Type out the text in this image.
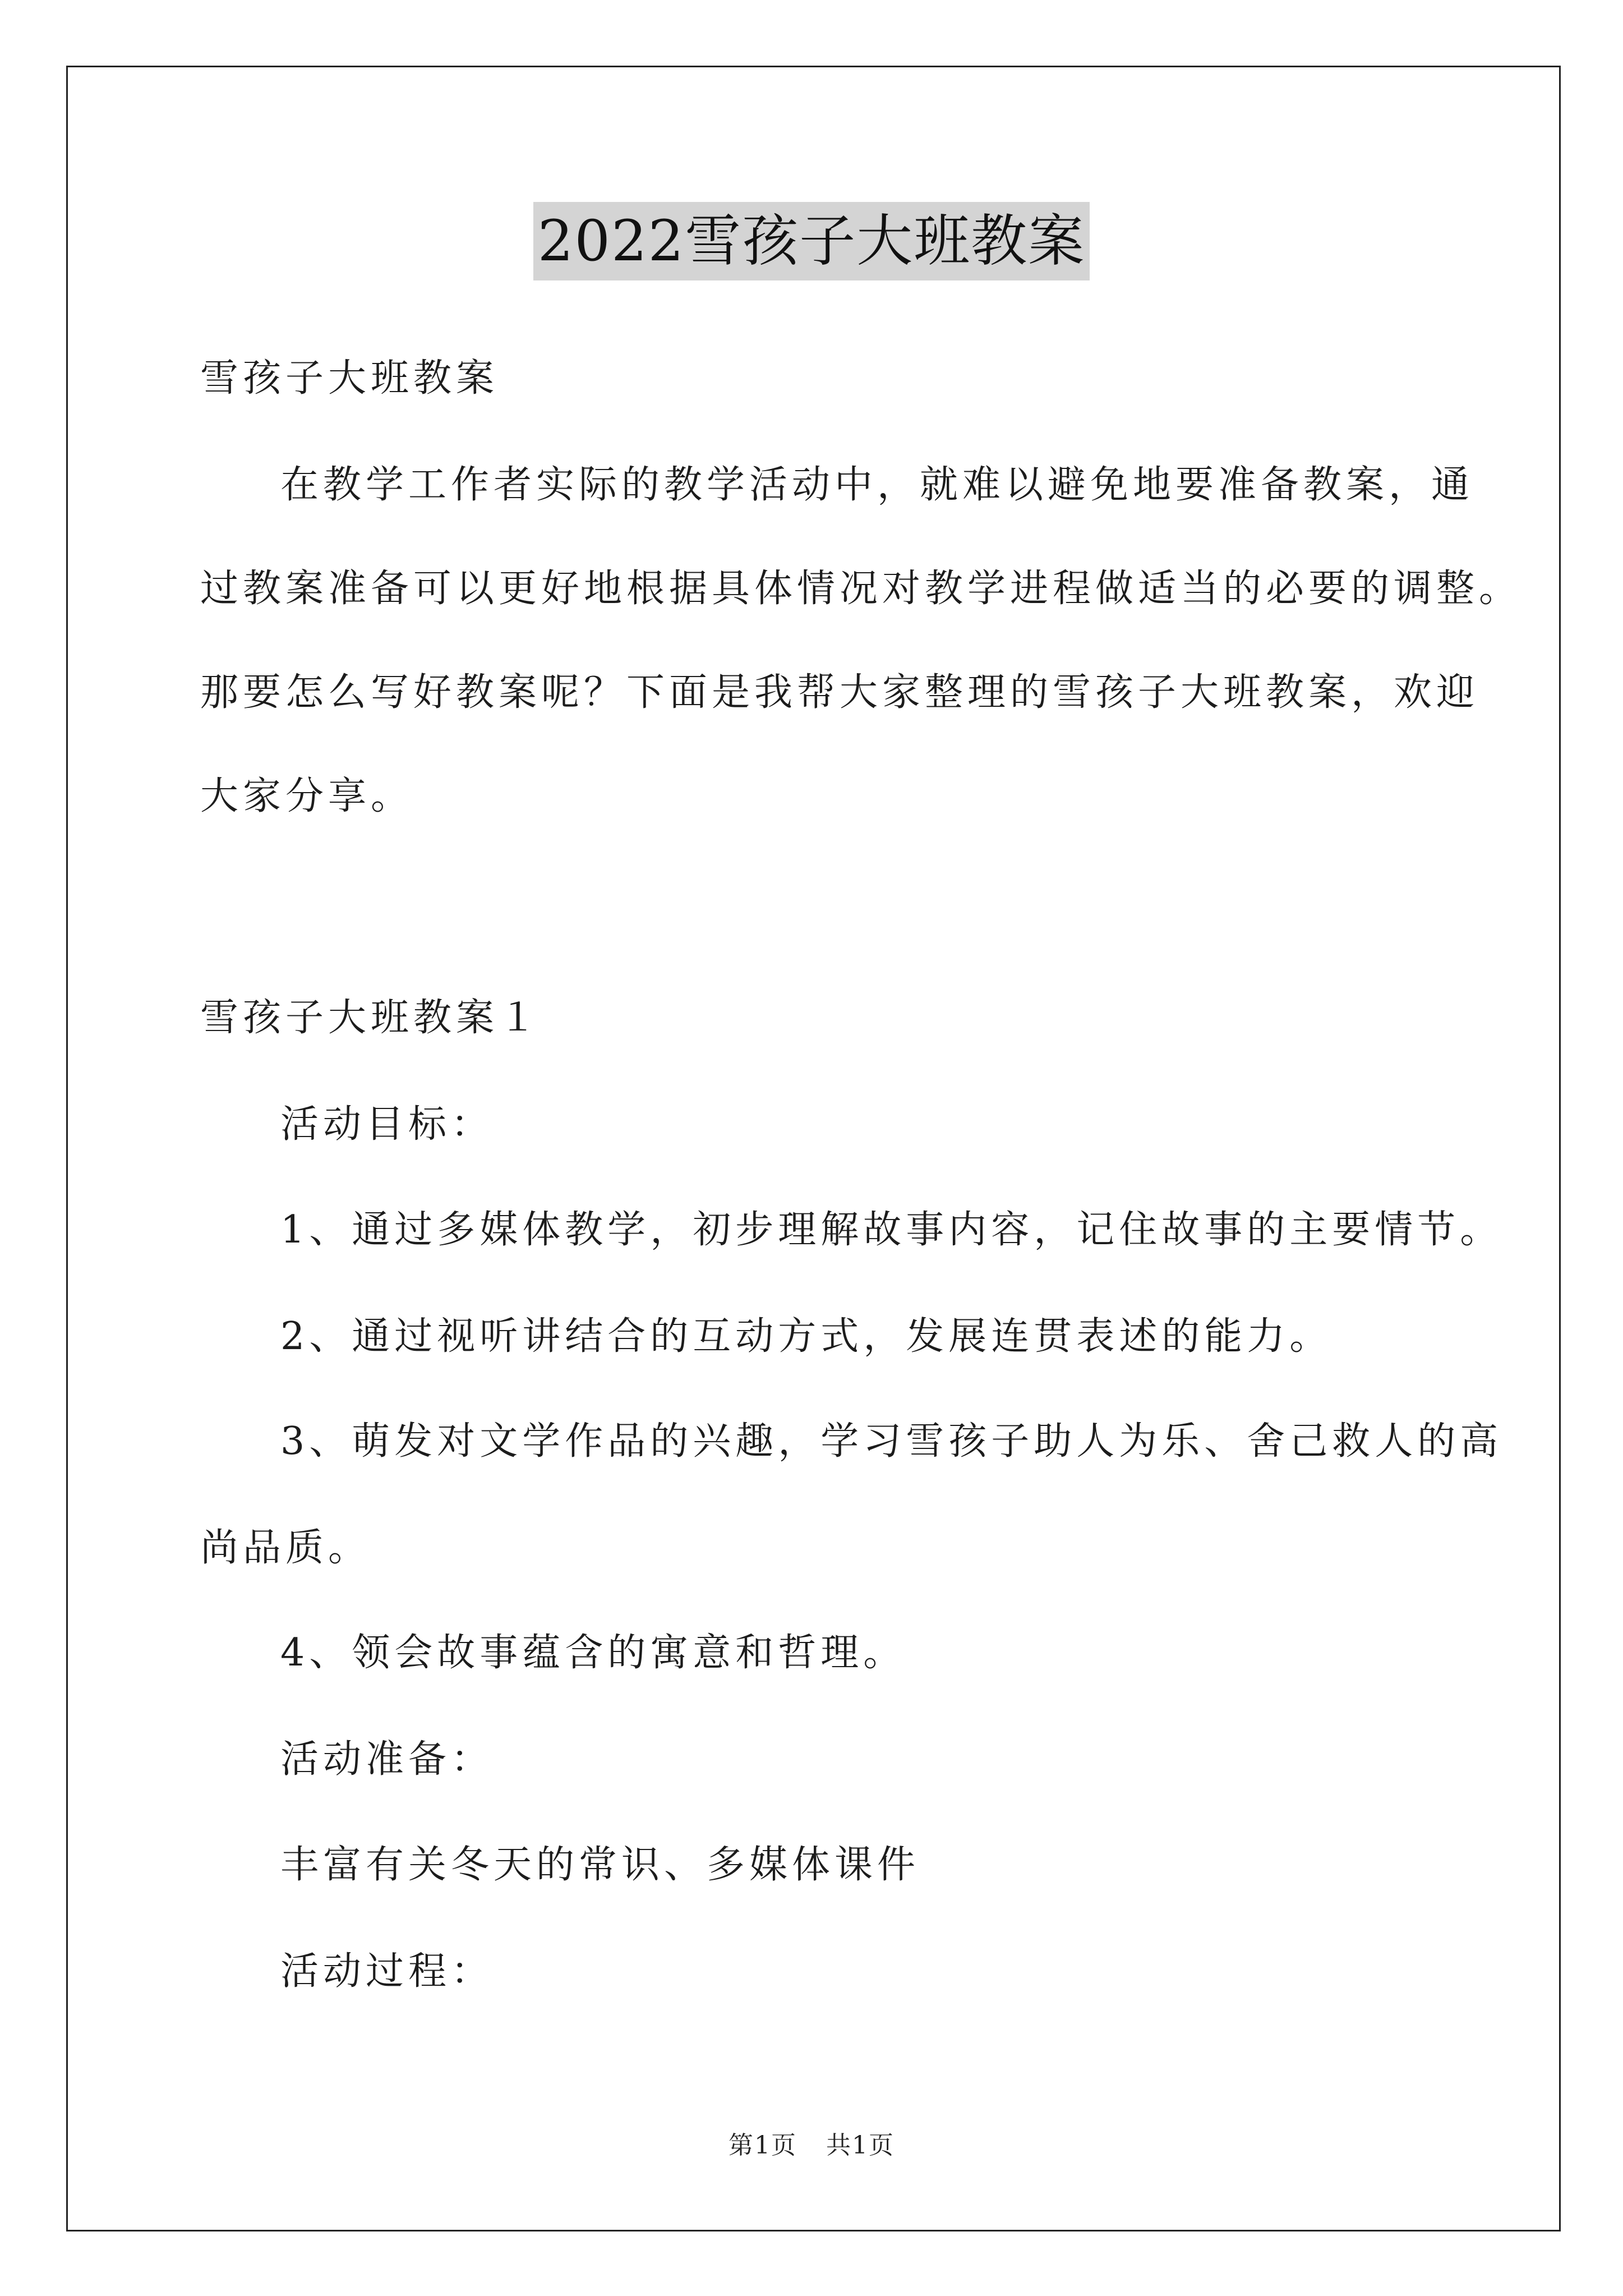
2022雪孩子大班教案
雪孩子大班教案
在教学工作者实际的教学活动中，就难以避免地要准备教案，通
过教案准备可以更好地根据具体情况对教学进程做适当的必要的调整。
那要怎么写好教案呢？下面是我帮大家整理的雪孩子大班教案，欢迎
大家分享。
雪孩子大班教案１
活动目标：
1、通过多媒体教学，初步理解故事内容，记住故事的主要情节。
2、通过视听讲结合的互动方式，发展连贯表述的能力。
3、萌发对文学作品的兴趣，学习雪孩子助人为乐、舍己救人的高
尚品质。
4、领会故事蕴含的寓意和哲理。
活动准备：
丰富有关冬天的常识、多媒体课件
活动过程：
第1页 共1页
